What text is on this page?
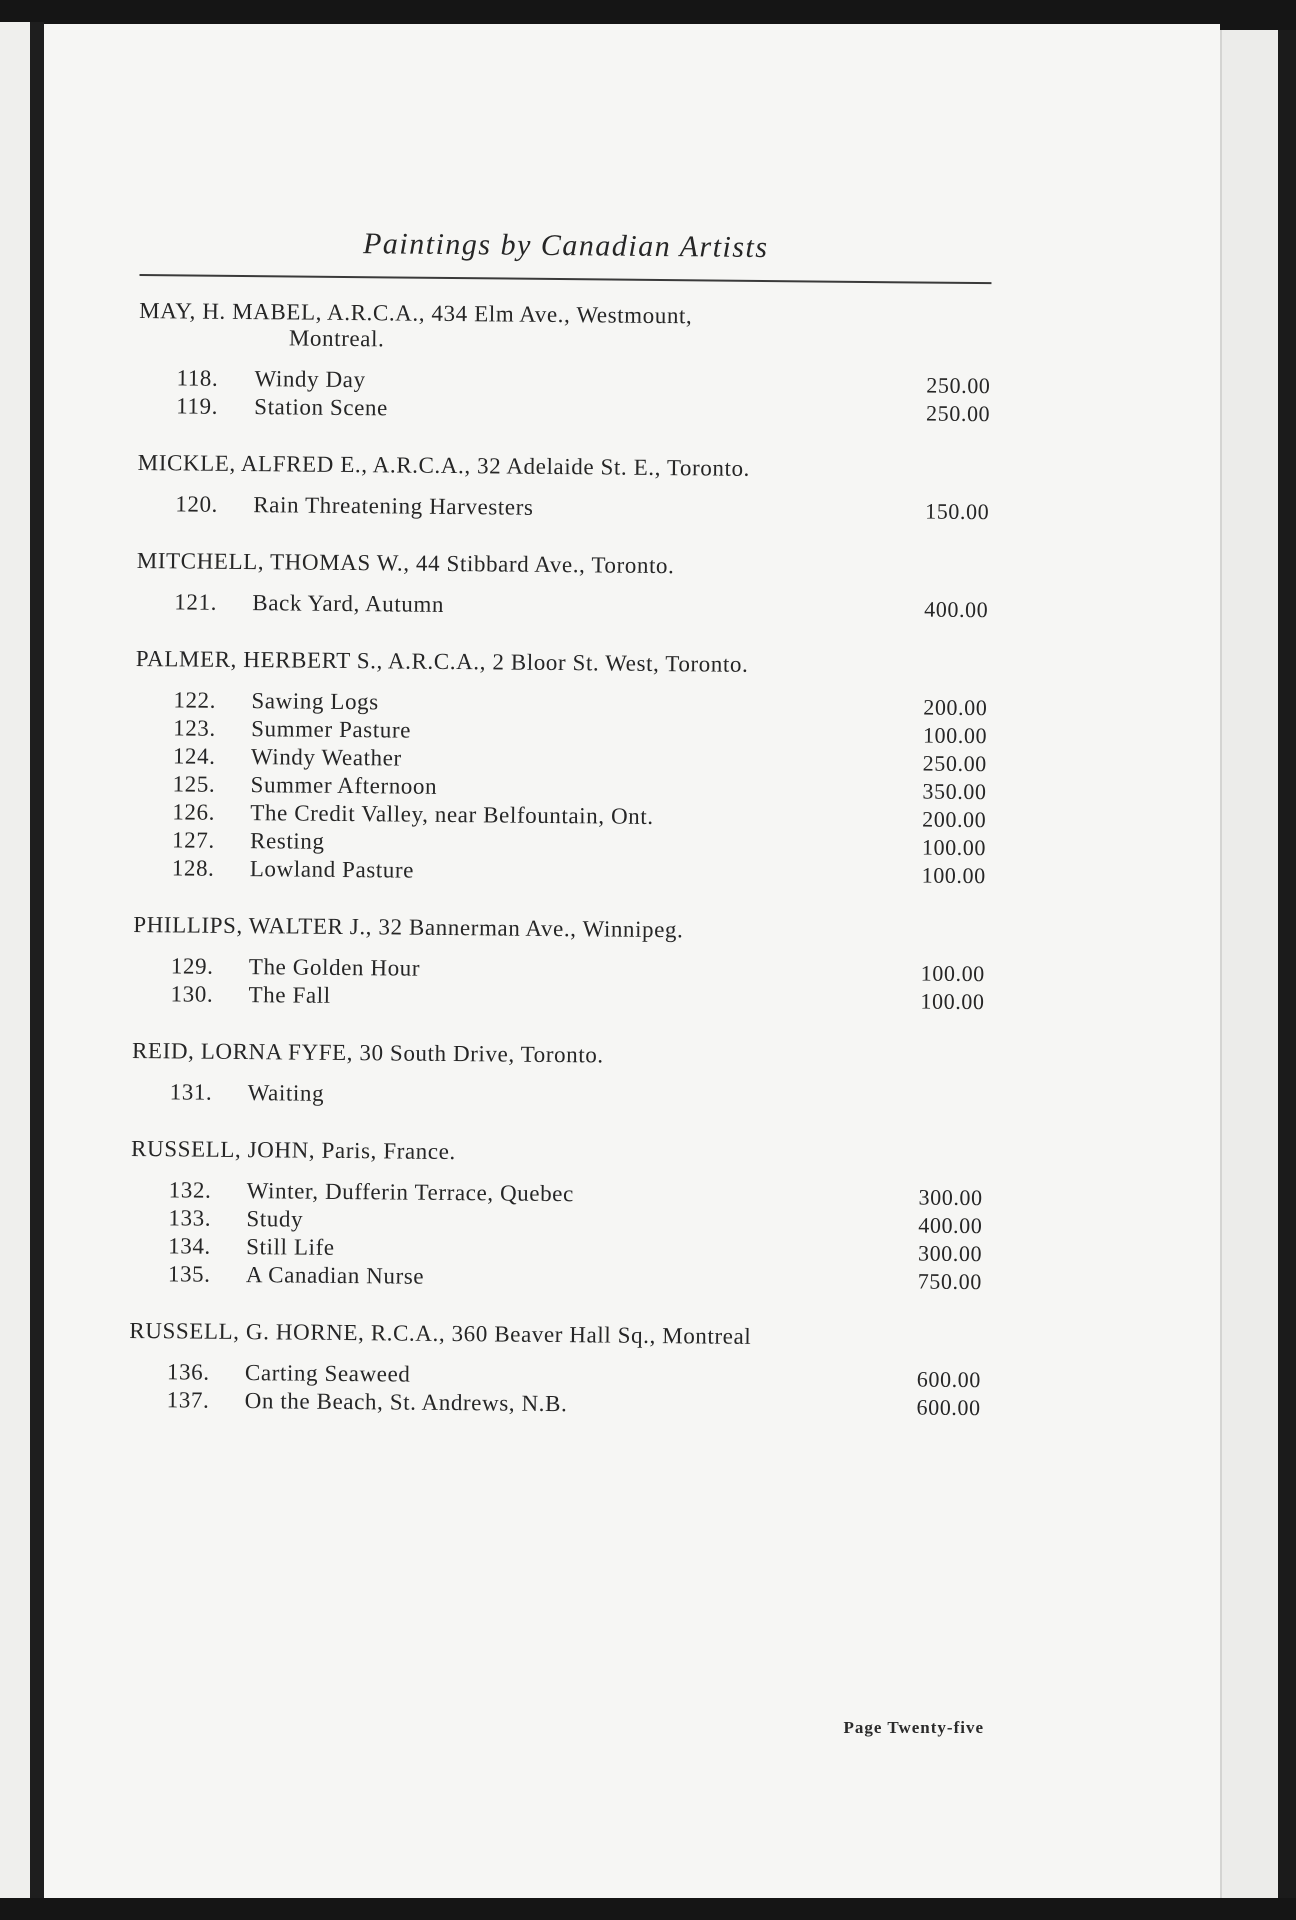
Paintings by Canadian Artists
MAY, H. MABEL, A.R.C.A., 434 Elm Ave., Westmount,
Montreal.
118.	Windy Day	250.00
119.	Station Scene	250.00
MICKLE, ALFRED E., A.R.C.A., 32 Adelaide St. E., Toronto.
120.	Rain Threatening Harvesters	150.00
MITCHELL, THOMAS W., 44 Stibbard Ave., Toronto.
121.	Back Yard, Autumn	400.00
PALMER, HERBERT S., A.R.C.A., 2 Bloor St. West, Toronto.
122.	Sawing Logs	200.00
123.	Summer Pasture	100.00
124.	Windy Weather	250.00
125.	Summer Afternoon	350.00
126.	The Credit Valley, near Belfountain, Ont.	200.00
127.	Resting	100.00
128.	Lowland Pasture	100.00
PHILLIPS, WALTER J., 32 Bannerman Ave., Winnipeg.
129.	The Golden Hour	100.00
130.	The Fall	100.00
REID, LORNA FYFE, 30 South Drive, Toronto.
131.	Waiting
RUSSELL, JOHN, Paris, France.
132.	Winter, Dufferin Terrace, Quebec	300.00
133.	Study	400.00
134.	Still Life	300.00
135.	A Canadian Nurse	750.00
RUSSELL, G. HORNE, R.C.A., 360 Beaver Hall Sq., Montreal
136.	Carting Seaweed	600.00
137.	On the Beach, St. Andrews, N.B.	600.00
Page Twenty-five
